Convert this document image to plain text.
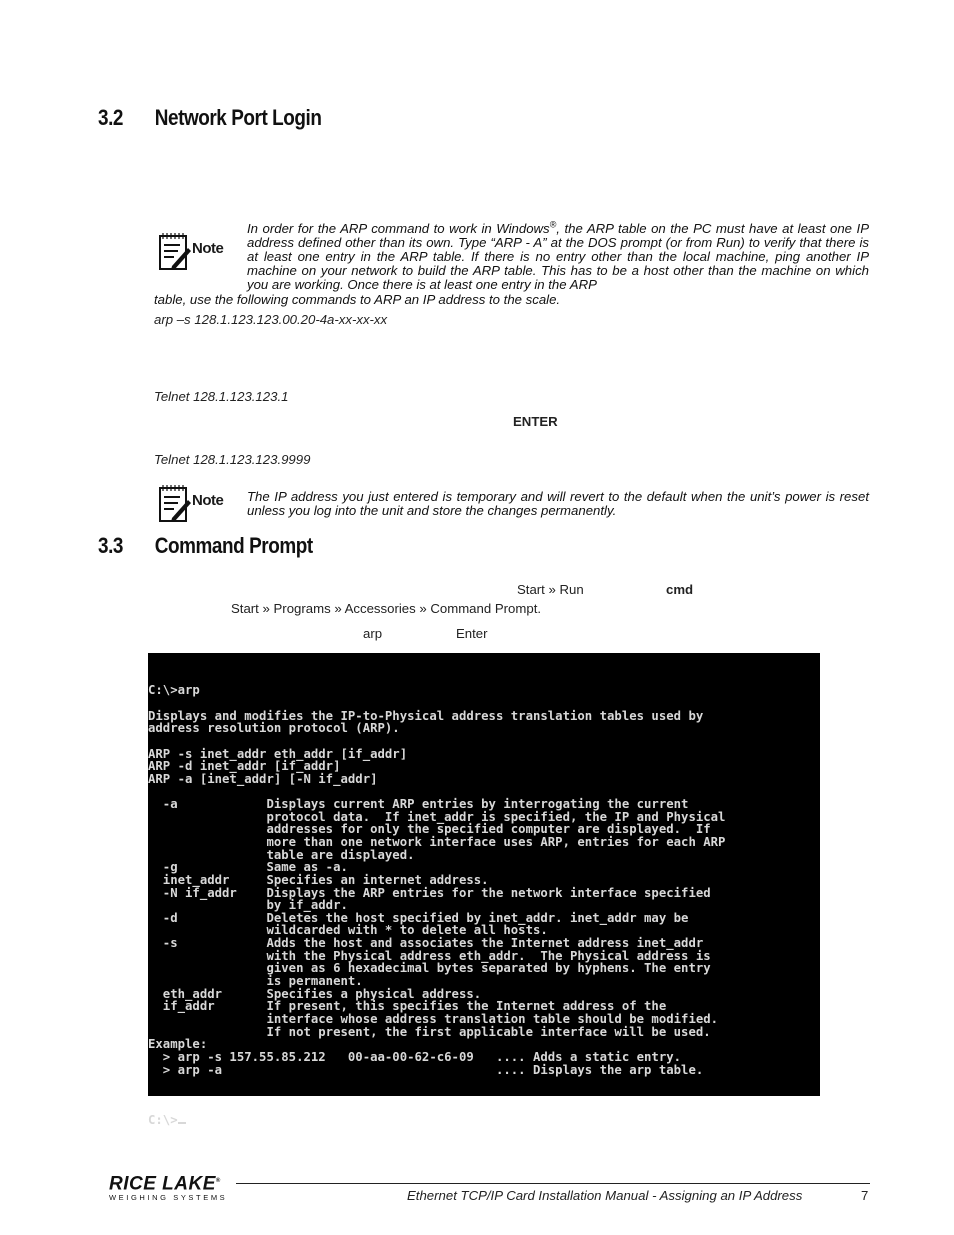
3.2 Network Port Login
Note
In order for the ARP command to work in Windows®, the ARP table on the PC must have at least one IP address defined other than its own. Type “ARP - A” at the DOS prompt (or from Run) to verify that there is at least one entry in the ARP table. If there is no entry other than the local machine, ping another IP machine on your network to build the ARP table. This has to be a host other than the machine on which you are working. Once there is at least one entry in the ARP
table, use the following commands to ARP an IP address to the scale.
arp –s 128.1.123.123.00.20-4a-xx-xx-xx
Telnet 128.1.123.123.1
ENTER
Telnet 128.1.123.123.9999
Note The IP address you just entered is temporary and will revert to the default when the unit’s power is reset unless you log into the unit and store the changes permanently.
3.3 Command Prompt
Start » Run	cmd
Start » Programs » Accessories » Command Prompt.
arp	Enter

C:\>arp
Displays and modifies the IP-to-Physical address translation tables used by
address resolution protocol (ARP).
ARP -s inet_addr eth_addr [if_addr]
ARP -d inet_addr [if_addr]
ARP -a [inet_addr] [-N if_addr]
-a            Displays current ARP entries by interrogating the current
protocol data.  If inet_addr is specified, the IP and Physical
addresses for only the specified computer are displayed.  If
more than one network interface uses ARP, entries for each ARP
table are displayed.
-g            Same as -a.
inet_addr     Specifies an internet address.
-N if_addr    Displays the ARP entries for the network interface specified
by if_addr.
-d            Deletes the host specified by inet_addr. inet_addr may be
wildcarded with * to delete all hosts.
-s            Adds the host and associates the Internet address inet_addr
with the Physical address eth_addr.  The Physical address is
given as 6 hexadecimal bytes separated by hyphens. The entry
is permanent.
eth_addr      Specifies a physical address.
if_addr       If present, this specifies the Internet address of the
interface whose address translation table should be modified.
If not present, the first applicable interface will be used.
Example:
> arp -s 157.55.85.212   00-aa-00-62-c6-09   .... Adds a static entry.
> arp -a                                     .... Displays the arp table.

C:\>

RICE LAKE®
WEIGHING SYSTEMS	Ethernet TCP/IP Card Installation Manual - Assigning an IP Address	7
